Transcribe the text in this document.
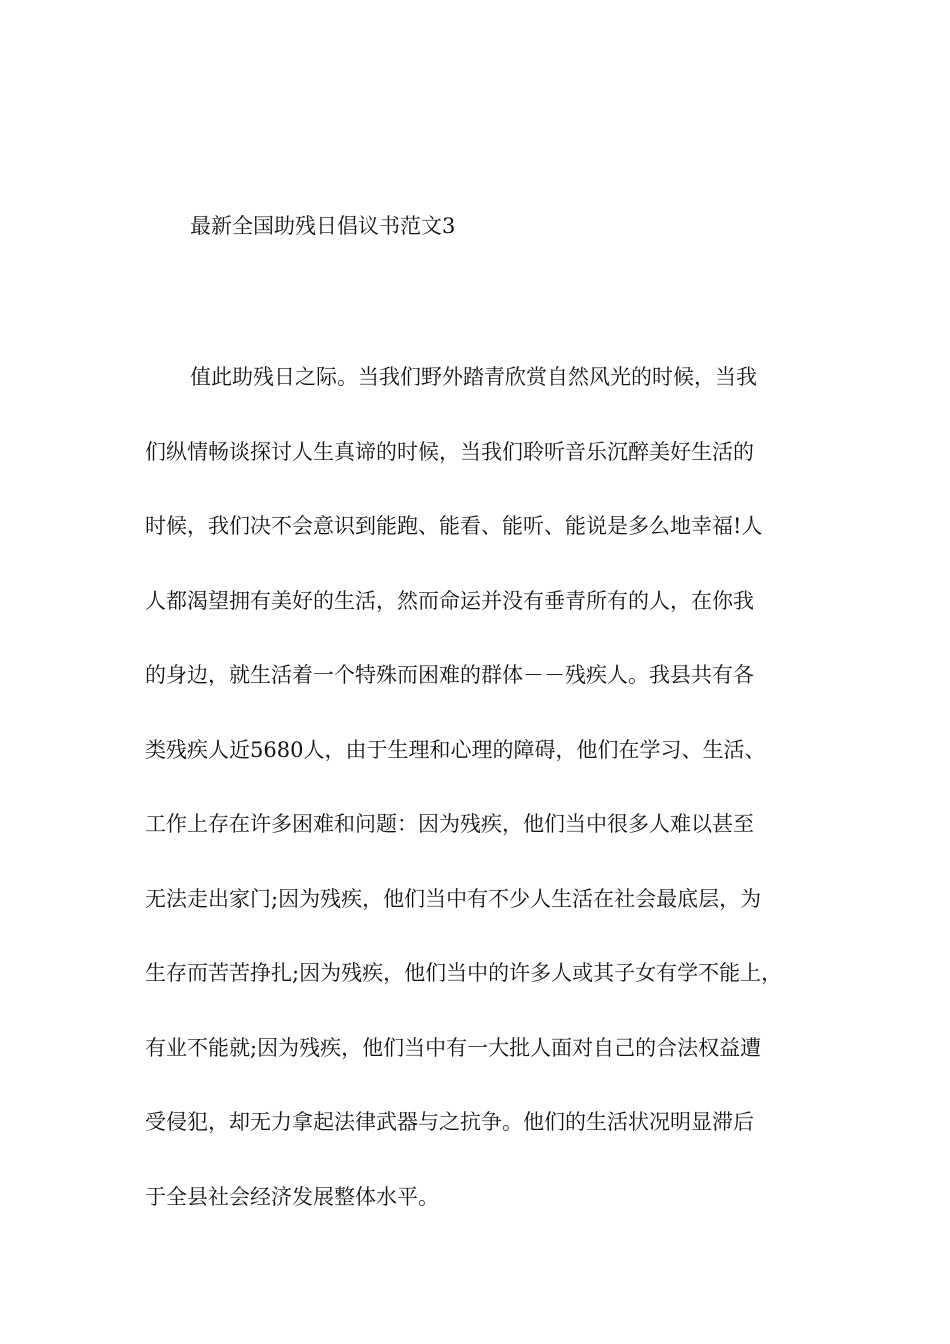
最新全国助残日倡议书范文3
值此助残日之际。当我们野外踏青欣赏自然风光的时候，当我
们纵情畅谈探讨人生真谛的时候，当我们聆听音乐沉醉美好生活的
时候，我们决不会意识到能跑、能看、能听、能说是多么地幸福!人
人都渴望拥有美好的生活，然而命运并没有垂青所有的人，在你我
的身边，就生活着一个特殊而困难的群体－－残疾人。我县共有各
类残疾人近5680人，由于生理和心理的障碍，他们在学习、生活、
工作上存在许多困难和问题：因为残疾，他们当中很多人难以甚至
无法走出家门;因为残疾，他们当中有不少人生活在社会最底层，为
生存而苦苦挣扎;因为残疾，他们当中的许多人或其子女有学不能上，
有业不能就;因为残疾，他们当中有一大批人面对自己的合法权益遭
受侵犯，却无力拿起法律武器与之抗争。他们的生活状况明显滞后
于全县社会经济发展整体水平。
